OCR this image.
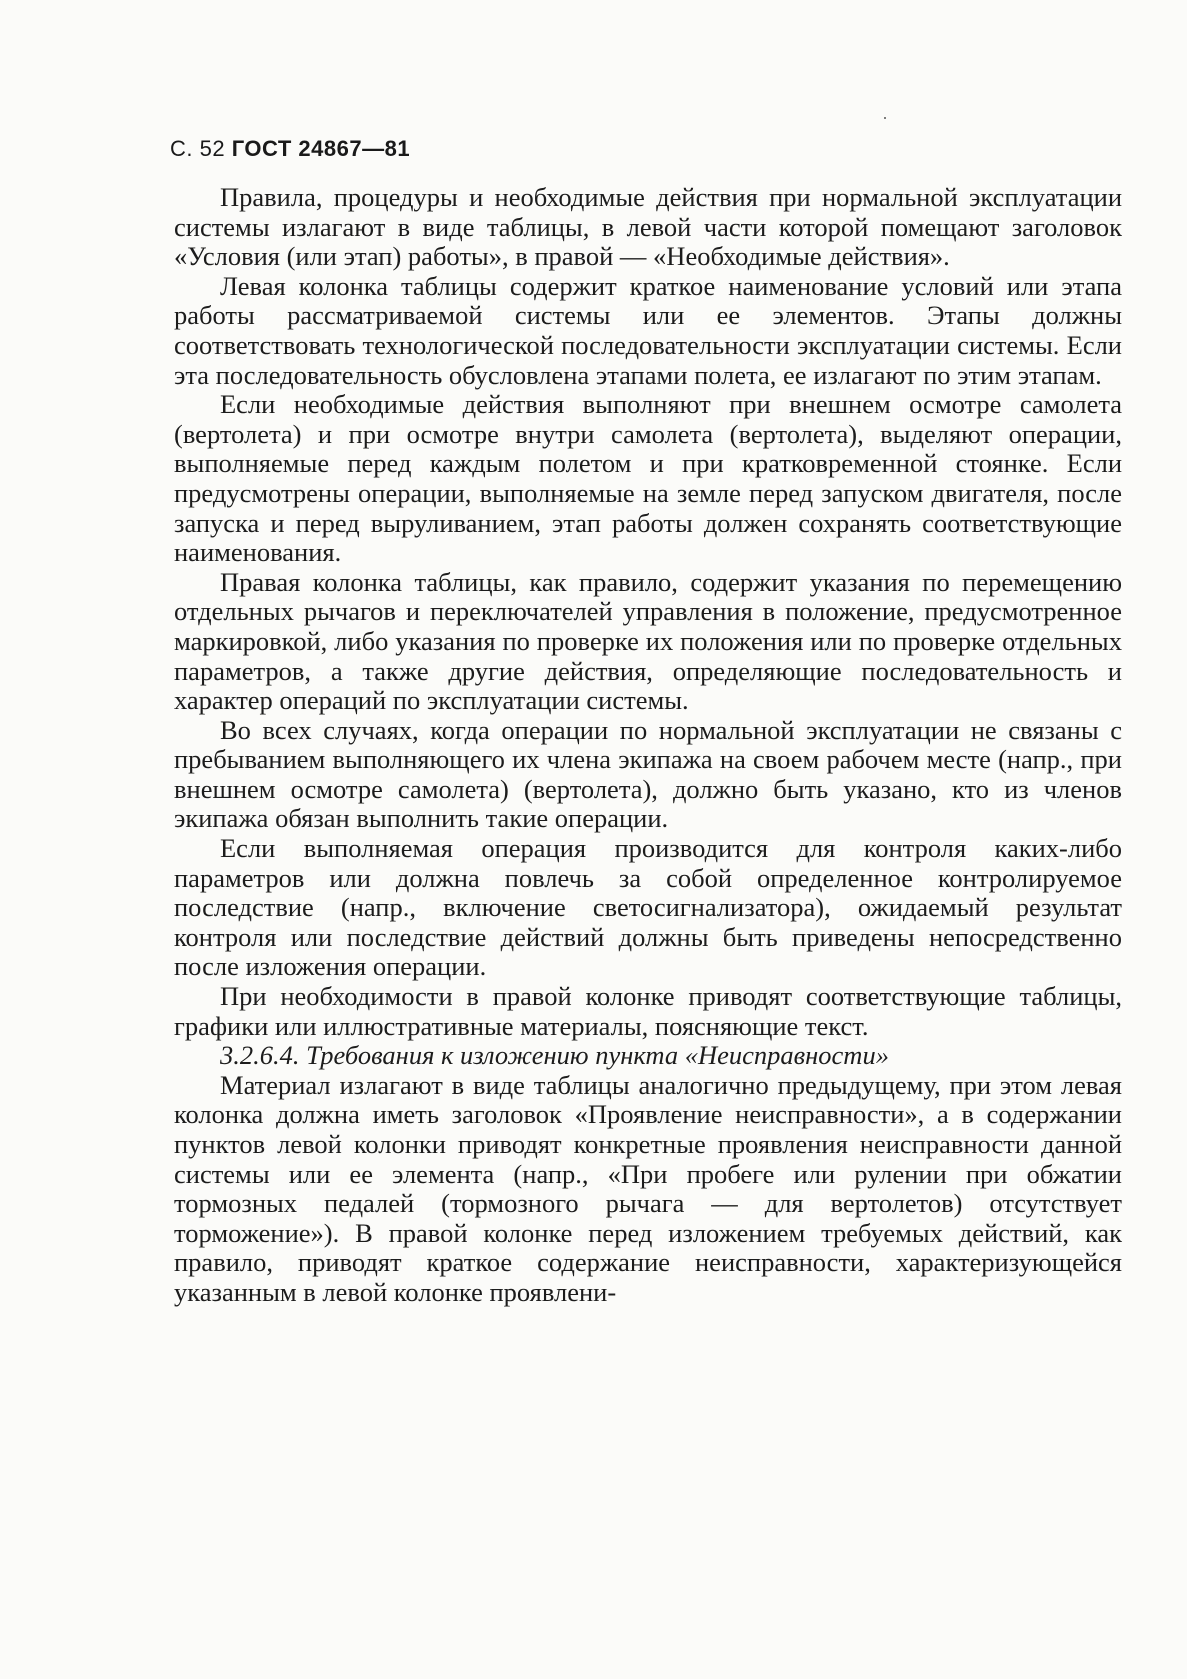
С. 52 ГОСТ 24867—81

Правила, процедуры и необходимые действия при нормальной эксплуатации системы излагают в виде таблицы, в левой части которой помещают заголовок «Условия (или этап) работы», в правой — «Необходимые действия».

Левая колонка таблицы содержит краткое наименование условий или этапа работы рассматриваемой системы или ее элементов. Этапы должны соответствовать технологической последовательности эксплуатации системы. Если эта последовательность обусловлена этапами полета, ее излагают по этим этапам.

Если необходимые действия выполняют при внешнем осмотре самолета (вертолета) и при осмотре внутри самолета (вертолета), выделяют операции, выполняемые перед каждым полетом и при кратковременной стоянке. Если предусмотрены операции, выполняемые на земле перед запуском двигателя, после запуска и перед выруливанием, этап работы должен сохранять соответствующие наименования.

Правая колонка таблицы, как правило, содержит указания по перемещению отдельных рычагов и переключателей управления в положение, предусмотренное маркировкой, либо указания по проверке их положения или по проверке отдельных параметров, а также другие действия, определяющие последовательность и характер операций по эксплуатации системы.

Во всех случаях, когда операции по нормальной эксплуатации не связаны с пребыванием выполняющего их члена экипажа на своем рабочем месте (напр., при внешнем осмотре самолета) (вертолета), должно быть указано, кто из членов экипажа обязан выполнить такие операции.

Если выполняемая операция производится для контроля каких-либо параметров или должна повлечь за собой определенное контролируемое последствие (напр., включение светосигнализатора), ожидаемый результат контроля или последствие действий должны быть приведены непосредственно после изложения операции.

При необходимости в правой колонке приводят соответствующие таблицы, графики или иллюстративные материалы, поясняющие текст.

3.2.6.4. Требования к изложению пункта «Неисправности»

Материал излагают в виде таблицы аналогично предыдущему, при этом левая колонка должна иметь заголовок «Проявление неисправности», а в содержании пунктов левой колонки приводят конкретные проявления неисправности данной системы или ее элемента (напр., «При пробеге или рулении при обжатии тормозных педалей (тормозного рычага — для вертолетов) отсутствует торможение»). В правой колонке перед изложением требуемых действий, как правило, приводят краткое содержание неисправности, характеризующейся указанным в левой колонке проявлени-
